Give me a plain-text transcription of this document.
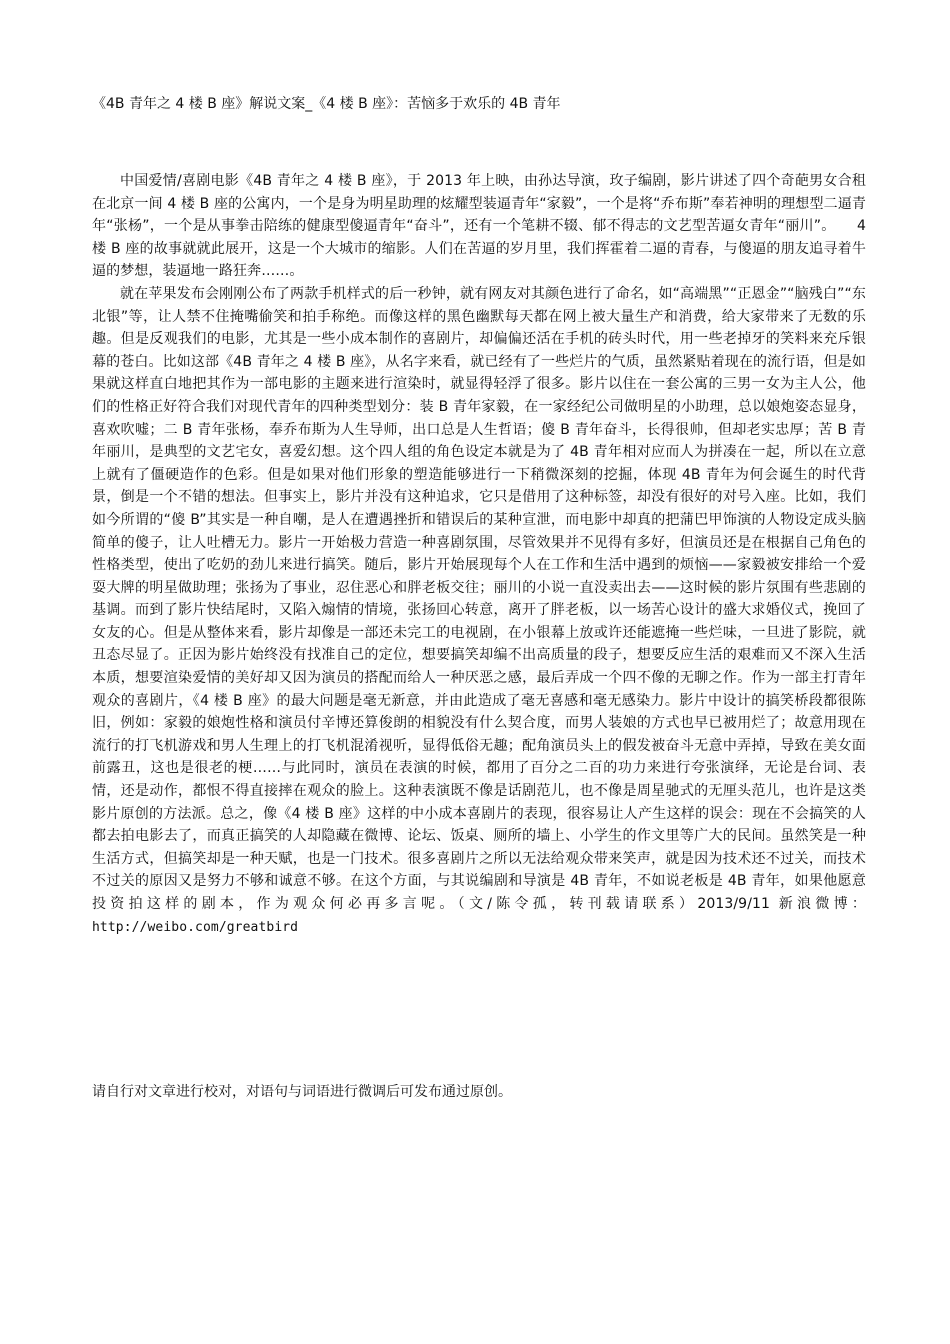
《4B 青年之 4 楼 B 座》解说文案_《4 楼 B 座》：苦恼多于欢乐的 4B 青年

中国爱情/喜剧电影《4B 青年之 4 楼 B 座》，于 2013 年上映，由孙达导演，玫子编剧，影片讲述了四个奇葩男女合租在北京一间 4 楼 B 座的公寓内，一个是身为明星助理的炫耀型装逼青年“家毅”，一个是将“乔布斯”奉若神明的理想型二逼青年“张杨”，一个是从事拳击陪练的健康型傻逼青年“奋斗”，还有一个笔耕不辍、郁不得志的文艺型苦逼女青年“丽川”。　　4 楼 B 座的故事就就此展开，这是一个大城市的缩影。人们在苦逼的岁月里，我们挥霍着二逼的青春，与傻逼的朋友追寻着牛逼的梦想，装逼地一路狂奔……。

就在苹果发布会刚刚公布了两款手机样式的后一秒钟，就有网友对其颜色进行了命名，如“高端黑”“正恩金”“脑残白”“东北银”等，让人禁不住掩嘴偷笑和拍手称绝。而像这样的黑色幽默每天都在网上被大量生产和消费，给大家带来了无数的乐趣。但是反观我们的电影，尤其是一些小成本制作的喜剧片，却偏偏还活在手机的砖头时代，用一些老掉牙的笑料来充斥银幕的苍白。比如这部《4B 青年之 4 楼 B 座》，从名字来看，就已经有了一些烂片的气质，虽然紧贴着现在的流行语，但是如果就这样直白地把其作为一部电影的主题来进行渲染时，就显得轻浮了很多。影片以住在一套公寓的三男一女为主人公，他们的性格正好符合我们对现代青年的四种类型划分：装 B 青年家毅，在一家经纪公司做明星的小助理，总以娘炮姿态显身，喜欢吹嘘；二 B 青年张杨，奉乔布斯为人生导师，出口总是人生哲语；傻 B 青年奋斗，长得很帅，但却老实忠厚；苦 B 青年丽川，是典型的文艺宅女，喜爱幻想。这个四人组的角色设定本就是为了 4B 青年相对应而人为拼凑在一起，所以在立意上就有了僵硬造作的色彩。但是如果对他们形象的塑造能够进行一下稍微深刻的挖掘，体现 4B 青年为何会诞生的时代背景，倒是一个不错的想法。但事实上，影片并没有这种追求，它只是借用了这种标签，却没有很好的对号入座。比如，我们如今所谓的“傻 B”其实是一种自嘲，是人在遭遇挫折和错误后的某种宣泄，而电影中却真的把蒲巴甲饰演的人物设定成头脑简单的傻子，让人吐槽无力。影片一开始极力营造一种喜剧氛围，尽管效果并不见得有多好，但演员还是在根据自己角色的性格类型，使出了吃奶的劲儿来进行搞笑。随后，影片开始展现每个人在工作和生活中遇到的烦恼——家毅被安排给一个爱耍大牌的明星做助理；张扬为了事业，忍住恶心和胖老板交往；丽川的小说一直没卖出去——这时候的影片氛围有些悲剧的基调。而到了影片快结尾时，又陷入煽情的情境，张扬回心转意，离开了胖老板，以一场苦心设计的盛大求婚仪式，挽回了女友的心。但是从整体来看，影片却像是一部还未完工的电视剧，在小银幕上放或许还能遮掩一些烂味，一旦进了影院，就丑态尽显了。正因为影片始终没有找准自己的定位，想要搞笑却编不出高质量的段子，想要反应生活的艰难而又不深入生活本质，想要渲染爱情的美好却又因为演员的搭配而给人一种厌恶之感，最后弄成一个四不像的无聊之作。作为一部主打青年观众的喜剧片，《4 楼 B 座》的最大问题是毫无新意，并由此造成了毫无喜感和毫无感染力。影片中设计的搞笑桥段都很陈旧，例如：家毅的娘炮性格和演员付辛博还算俊朗的相貌没有什么契合度，而男人装娘的方式也早已被用烂了；故意用现在流行的打飞机游戏和男人生理上的打飞机混淆视听，显得低俗无趣；配角演员头上的假发被奋斗无意中弄掉，导致在美女面前露丑，这也是很老的梗……与此同时，演员在表演的时候，都用了百分之二百的功力来进行夸张演绎，无论是台词、表情，还是动作，都恨不得直接摔在观众的脸上。这种表演既不像是话剧范儿，也不像是周星驰式的无厘头范儿，也许是这类影片原创的方法派。总之，像《4 楼 B 座》这样的中小成本喜剧片的表现，很容易让人产生这样的误会：现在不会搞笑的人都去拍电影去了，而真正搞笑的人却隐藏在微博、论坛、饭桌、厕所的墙上、小学生的作文里等广大的民间。虽然笑是一种生活方式，但搞笑却是一种天赋，也是一门技术。很多喜剧片之所以无法给观众带来笑声，就是因为技术还不过关，而技术不过关的原因又是努力不够和诚意不够。在这个方面，与其说编剧和导演是 4B 青年，不如说老板是 4B 青年，如果他愿意投资拍这样的剧本，作为观众何必再多言呢。（文/陈令孤，转刊载请联系）2013/9/11 新浪微博：http://weibo.com/greatbird

请自行对文章进行校对，对语句与词语进行微调后可发布通过原创。
